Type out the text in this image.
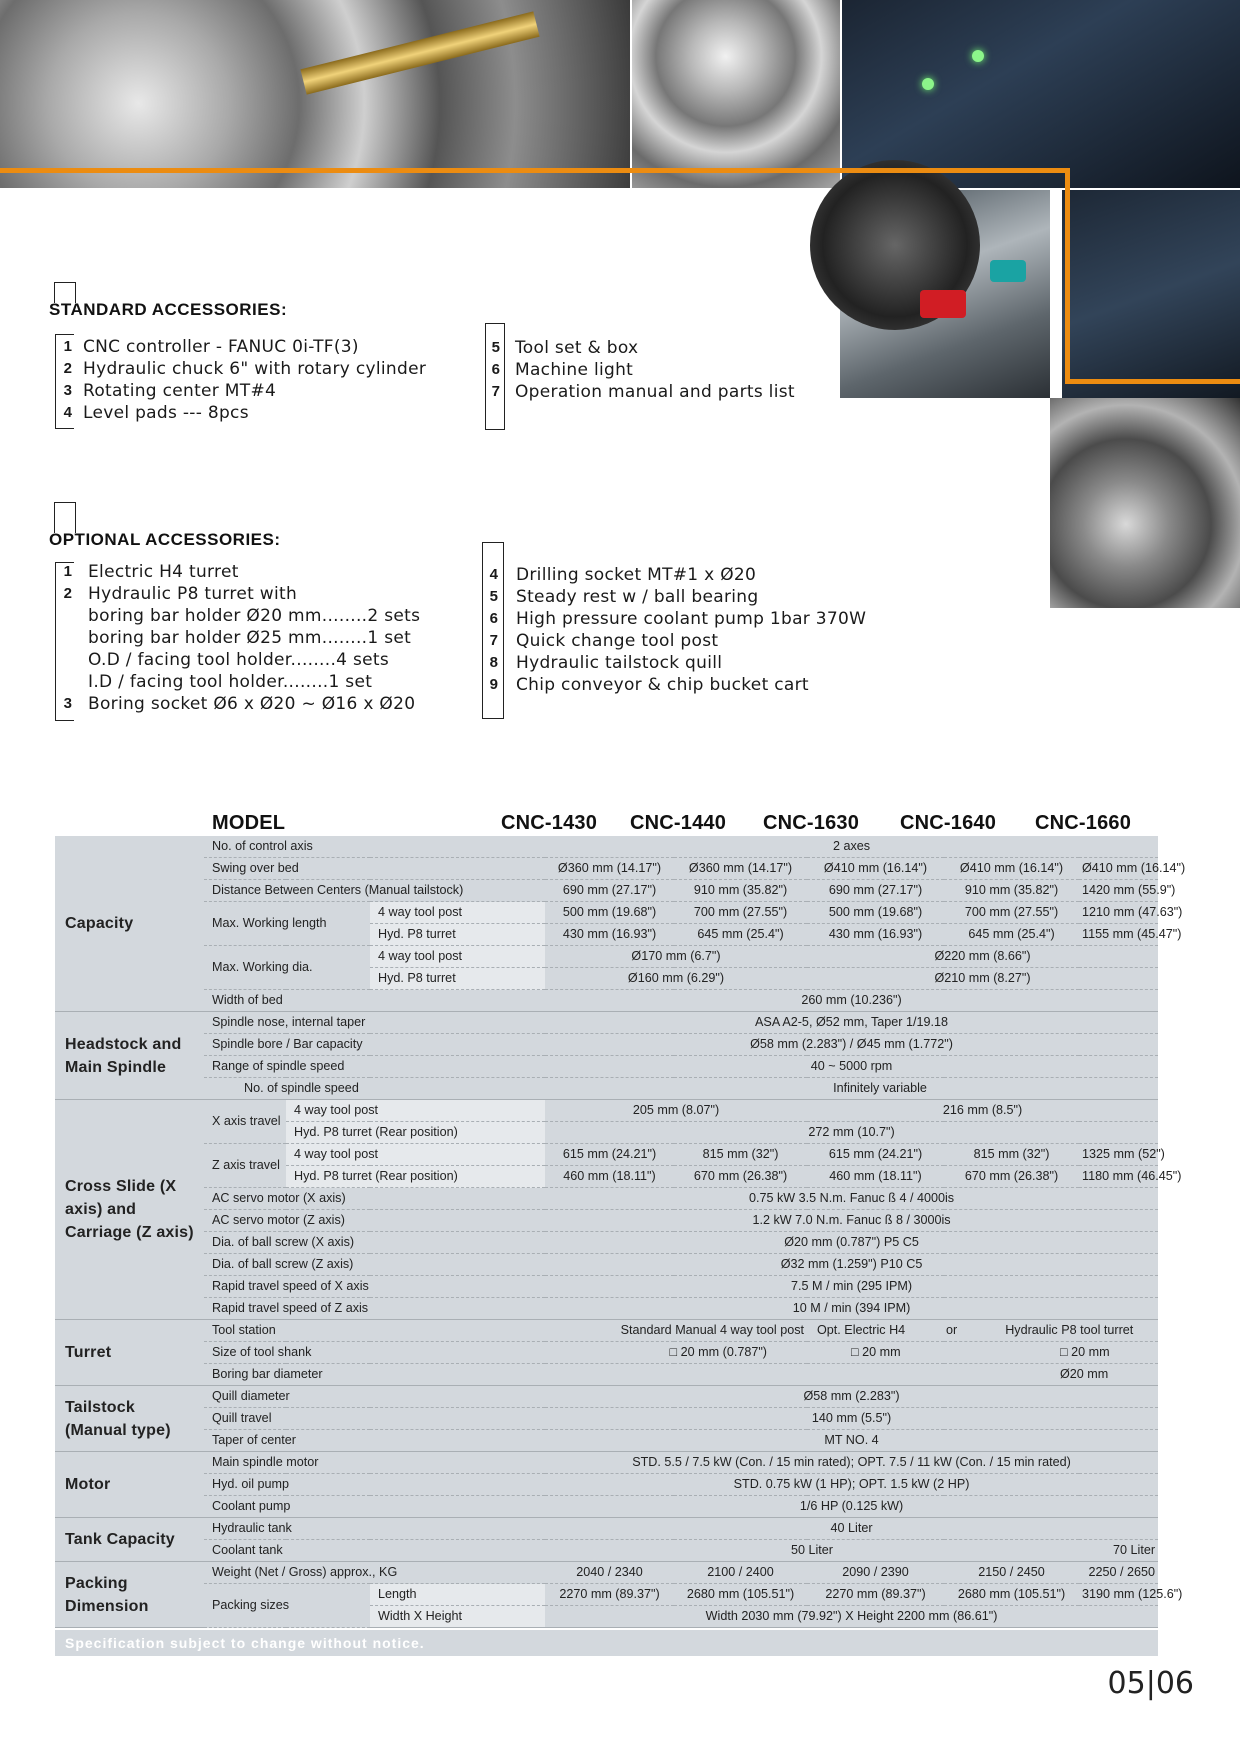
STANDARD ACCESSORIES:
1 CNC controller - FANUC 0i-TF(3)
2 Hydraulic chuck 6" with rotary cylinder
3 Rotating center MT#4
4 Level pads --- 8pcs
5 Tool set & box
6 Machine light
7 Operation manual and parts list
OPTIONAL ACCESSORIES:
1 Electric H4 turret
2 Hydraulic P8 turret with
boring bar holder Ø20 mm........2 sets
boring bar holder Ø25 mm........1 set
O.D / facing tool holder........4 sets
I.D / facing tool holder........1 set
3 Boring socket Ø6 x Ø20 ~ Ø16 x Ø20
4	Drilling socket MT#1 x Ø20
5	Steady rest w / ball bearing
6	High pressure coolant pump 1bar 370W
7	Quick change tool post
8	Hydraulic tailstock quill
9	Chip conveyor & chip bucket cart
MODEL	CNC-1430 CNC-1440 CNC-1630 CNC-1640 CNC-1660
Capacity	No. of control axis			2 axes				
	Swing over bed			Ø360 mm (14.17")	Ø360 mm (14.17")	Ø410 mm (16.14")	Ø410 mm (16.14")	Ø410 mm (16.14")
	Distance Between Centers (Manual tailstock)			690 mm (27.17")	910 mm (35.82")	690 mm (27.17")	910 mm (35.82")	1420 mm (55.9")
	Max. Working length		4 way tool post	500 mm (19.68")	700 mm (27.55")	500 mm (19.68")	700 mm (27.55")	1210 mm (47.63")
			Hyd. P8 turret	430 mm (16.93")	645 mm (25.4")	430 mm (16.93")	645 mm (25.4")	1155 mm (45.47")
	Max. Working dia.		4 way tool post	Ø170 mm (6.7")		Ø220 mm (8.66")		
			Hyd. P8 turret	Ø160 mm (6.29")		Ø210 mm (8.27")		
	Width of bed			260 mm (10.236")				
Headstock and Main Spindle	Spindle nose, internal taper			ASA A2-5, Ø52 mm, Taper 1/19.18				
	Spindle bore / Bar capacity			Ø58 mm (2.283") / Ø45 mm (1.772")				
	Range of spindle speed			40 ~ 5000 rpm				
	No. of spindle speed			Infinitely variable				
Cross Slide (X axis) and Carriage (Z axis)	X axis travel	4 way tool post		205 mm (8.07")		216 mm (8.5")		
		Hyd. P8 turret (Rear position)		272 mm (10.7")				
	Z axis travel	4 way tool post		615 mm (24.21")	815 mm (32")	615 mm (24.21")	815 mm (32")	1325 mm (52")
		Hyd. P8 turret (Rear position)		460 mm (18.11")	670 mm (26.38")	460 mm (18.11")	670 mm (26.38")	1180 mm (46.45")
	AC servo motor (X axis)			0.75 kW 3.5 N.m. Fanuc ß 4 / 4000is				
	AC servo motor (Z axis)			1.2 kW 7.0 N.m. Fanuc ß 8 / 3000is				
	Dia. of ball screw (X axis)			Ø20 mm (0.787") P5 C5				
	Dia. of ball screw (Z axis)			Ø32 mm (1.259") P10 C5				
	Rapid travel speed of X axis			7.5 M / min (295 IPM)				
	Rapid travel speed of Z axis			10 M / min (394 IPM)				
Turret	Tool station			Standard Manual 4 way tool post		Opt. Electric H4	or Hydraulic P8 tool turret	
	Size of tool shank			□ 20 mm (0.787")		□ 20 mm	□ 20 mm	
	Boring bar diameter						Ø20 mm	
Tailstock (Manual type)	Quill diameter			Ø58 mm (2.283")				
	Quill travel			140 mm (5.5")				
	Taper of center			MT NO. 4				
Motor	Main spindle motor			STD. 5.5 / 7.5 kW (Con. / 15 min rated); OPT. 7.5 / 11 kW (Con. / 15 min rated)				
	Hyd. oil pump			STD. 0.75 kW (1 HP); OPT. 1.5 kW (2 HP)				
	Coolant pump			1/6 HP (0.125 kW)				
Tank Capacity	Hydraulic tank			40 Liter				
	Coolant tank			50 Liter				70 Liter
Packing Dimension	Weight (Net / Gross) approx., KG			2040 / 2340	2100 / 2400	2090 / 2390	2150 / 2450	2250 / 2650
	Packing sizes		Length	2270 mm (89.37")	2680 mm (105.51")	2270 mm (89.37")	2680 mm (105.51")	3190 mm (125.6")
			Width X Height	Width 2030 mm (79.92") X Height 2200 mm (86.61")				
Specification subject to change without notice.
05|06
